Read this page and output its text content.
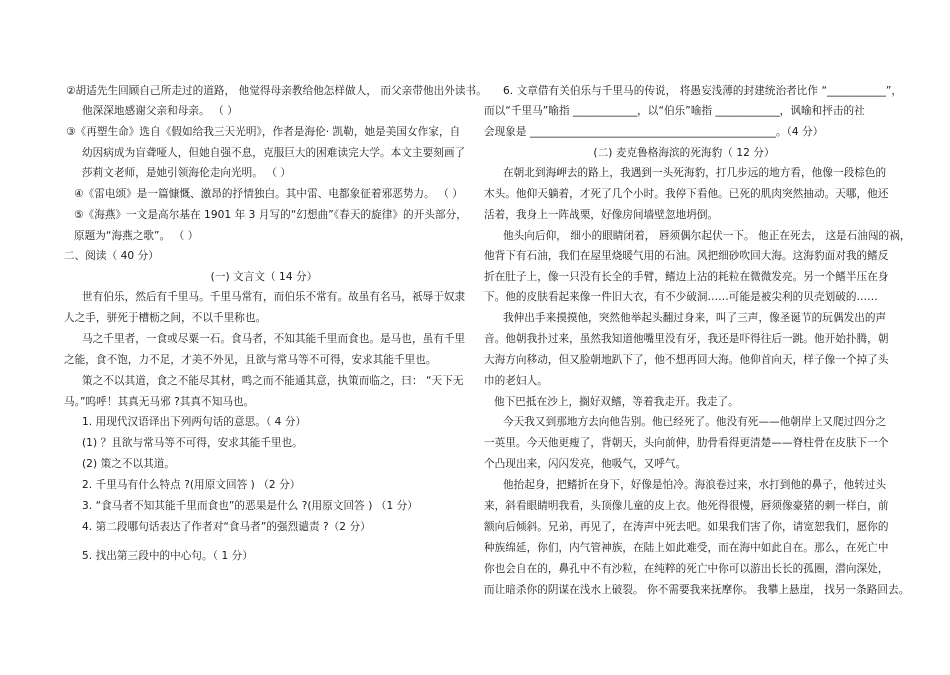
②胡适先生回顾自己所走过的道路， 他觉得母亲教给他怎样做人， 而父亲带他出外读书。
他深深地感谢父亲和母亲。 （ ）
③《再塑生命》选自《假如给我三天光明》，作者是海伦· 凯勒，她是美国女作家，自
幼因病成为盲聋哑人，但她自强不息，克服巨大的困难读完大学。本文主要刻画了
莎莉文老师，是她引领海伦走向光明。 （ ）
④《雷电颂》是一篇慷慨、激昂的抒情独白。其中雷、电都象征着邪恶势力。 （ ）
⑤《海燕》一文是高尔基在 1901 年 3 月写的“幻想曲”《春天的旋律》的开头部分，
原题为“海燕之歌”。 （ ）
二、阅读（ 40 分）
(一) 文言文（ 14 分）
世有伯乐，然后有千里马。千里马常有，而伯乐不常有。故虽有名马，祇辱于奴隶
人之手，骈死于槽枥之间，不以千里称也。
马之千里者，一食或尽粟一石。食马者，不知其能千里而食也。是马也，虽有千里
之能，食不饱，力不足，才美不外见，且欲与常马等不可得，安求其能千里也。
策之不以其道，食之不能尽其材，鸣之而不能通其意，执策而临之，曰： “天下无
马。”呜呼！其真无马邪 ?其真不知马也。
1. 用现代汉语译出下列两句话的意思。（ 4 分）
(1) ？且欲与常马等不可得，安求其能千里也。
(2) 策之不以其道。
2. 千里马有什么特点 ?(用原文回答 ) （2 分）
3. “食马者不知其能千里而食也”的恶果是什么 ?(用原文回答 ) （1 分）
4. 第二段哪句话表达了作者对“食马者”的强烈谴责 ?（2 分）
5. 找出第三段中的中心句。（ 1 分）
6. 文章借有关伯乐与千里马的传说， 将愚妄浅薄的封建统治者比作 “___________”，
而以“千里马”喻指 ____________，以“伯乐”喻指 ____________，讽喻和抨击的社
会现象是 ______________________________________________。（4 分）
(二) 麦克鲁格海滨的死海豹（ 12 分）
在朝北到海岬去的路上，我遇到一头死海豹，打几步远的地方看，他像一段棕色的
木头。他仰天躺着，才死了几个小时。我停下看他。已死的肌肉突然抽动。天哪，他还
活着，我身上一阵战栗，好像房间墙壁忽地坍倒。
他头向后仰， 细小的眼睛闭着， 唇须偶尔起伏一下。 他正在死去， 这是石油闯的祸，
他背下有石油，我们在屋里烧暖气用的石油。风把细砂吹回大海。这海豹面对我的鳍反
折在肚子上，像一只没有长全的手臂，鳍边上沾的耗粒在微微发亮。另一个鳍半压在身
下。他的皮肤看起来像一件旧大衣，有不少破洞……可能是被尖利的贝壳划破的……
我伸出手来摸摸他，突然他举起头翻过身来，叫了三声，像圣诞节的玩偶发出的声
音。他朝我扑过来，虽然我知道他嘴里没有牙，我还是吓得往后一跳。他开始扑腾，朝
大海方向移动，但又脸朝地趴下了，他不想再回大海。他仰首向天，样子像一个掉了头
巾的老妇人。
他下巴抵在沙上，搁好双鳍，等着我走开。我走了。
今天我又到那地方去向他告别。他已经死了。他没有死——他朝岸上又爬过四分之
一英里。今天他更瘦了，背朝天，头向前伸，肋骨看得更清楚——脊柱骨在皮肤下一个
个凸现出来，闪闪发亮，他吸气，又呼气。
他抬起身，把鳍折在身下，好像是怕冷。海浪卷过来，水打到他的鼻子，他转过头
来，斜看眼睛明我看，头顶像儿童的皮上衣。他死得很慢，唇须像豪猪的刺一样白，前
额向后倾斜。兄弟，再见了，在涛声中死去吧。如果我们害了你，请宽恕我们，愿你的
种族绵延，你们，内气管神族，在陆上如此难受，而在海中如此自在。那么，在死亡中
你也会自在的，鼻孔中不有沙粒，在纯粹的死亡中你可以游出长长的孤圈，潜向深处，
而让暗杀你的阴谋在浅水上破裂。 你不需要我来抚摩你。 我攀上悬崖， 找另一条路回去。
